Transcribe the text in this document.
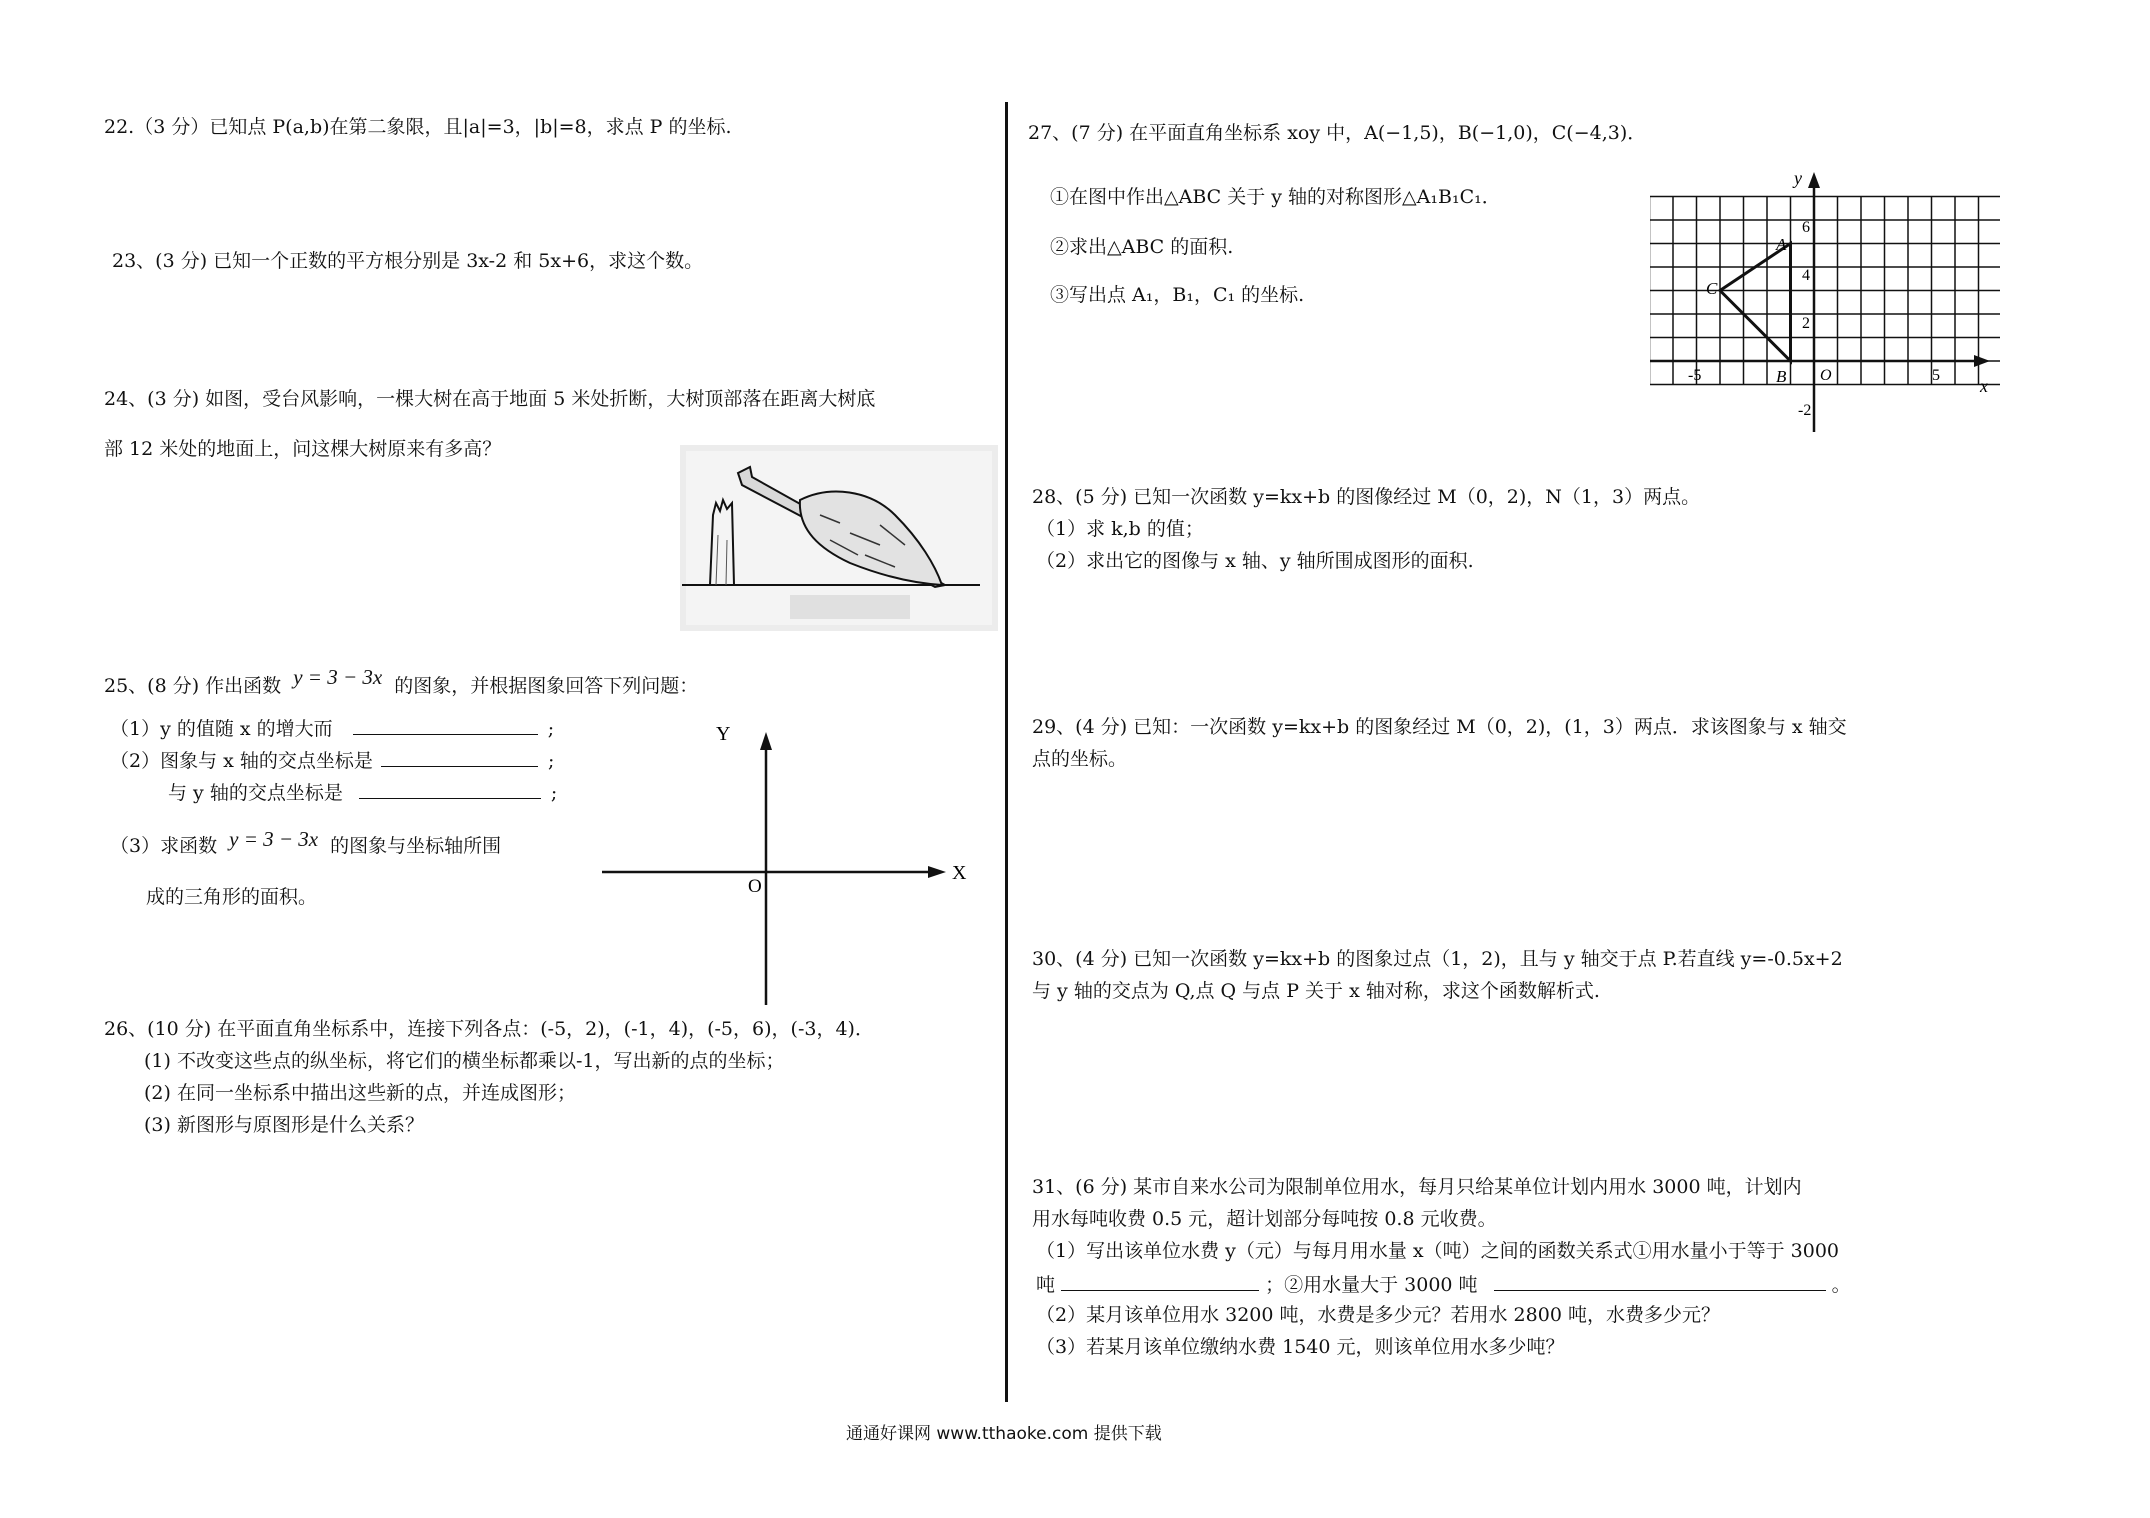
22.（3 分）已知点 P(a,b)在第二象限，且|a|=3，|b|=8，求点 P 的坐标.
23、(3 分) 已知一个正数的平方根分别是 3x-2 和 5x+6，求这个数。
24、(3 分) 如图，受台风影响，一棵大树在高于地面 5 米处折断，大树顶部落在距离大树底
部 12 米处的地面上，问这棵大树原来有多高？
25、(8 分) 作出函数 y = 3 − 3x 的图象，并根据图象回答下列问题：
（1）y 的值随 x 的增大而	;
（2）图象与 x 轴的交点坐标是	;
与 y 轴的交点坐标是	;
（3）求函数 y = 3 − 3x 的图象与坐标轴所围
成的三角形的面积。
Y
X
O
26、(10 分) 在平面直角坐标系中，连接下列各点：(-5，2)，(-1，4)，(-5，6)，(-3，4)．
(1) 不改变这些点的纵坐标，将它们的横坐标都乘以-1，写出新的点的坐标；
(2) 在同一坐标系中描出这些新的点，并连成图形；
(3) 新图形与原图形是什么关系？
27、(7 分) 在平面直角坐标系 xoy 中，A(−1,5)，B(−1,0)，C(−4,3)．
①在图中作出△ABC 关于 y 轴的对称图形△A₁B₁C₁．
②求出△ABC 的面积.
③写出点 A₁，B₁，C₁ 的坐标.
y
x
6
4
2
-5	O	5
-2
A
B
C
28、(5 分) 已知一次函数 y=kx+b 的图像经过 M（0，2)，N（1，3）两点。
（1）求 k,b 的值；
（2）求出它的图像与 x 轴、y 轴所围成图形的面积.
29、(4 分) 已知：一次函数 y=kx+b 的图象经过 M（0，2)，(1，3）两点．求该图象与 x 轴交
点的坐标。
30、(4 分) 已知一次函数 y=kx+b 的图象过点（1，2)，且与 y 轴交于点 P.若直线 y=-0.5x+2
与 y 轴的交点为 Q,点 Q 与点 P 关于 x 轴对称，求这个函数解析式.
31、(6 分) 某市自来水公司为限制单位用水，每月只给某单位计划内用水 3000 吨，计划内
用水每吨收费 0.5 元，超计划部分每吨按 0.8 元收费。
（1）写出该单位水费 y（元）与每月用水量 x（吨）之间的函数关系式①用水量小于等于 3000
吨	；②用水量大于 3000 吨	。
（2）某月该单位用水 3200 吨，水费是多少元？若用水 2800 吨，水费多少元？
（3）若某月该单位缴纳水费 1540 元，则该单位用水多少吨？
通通好课网 www.tthaoke.com 提供下载
